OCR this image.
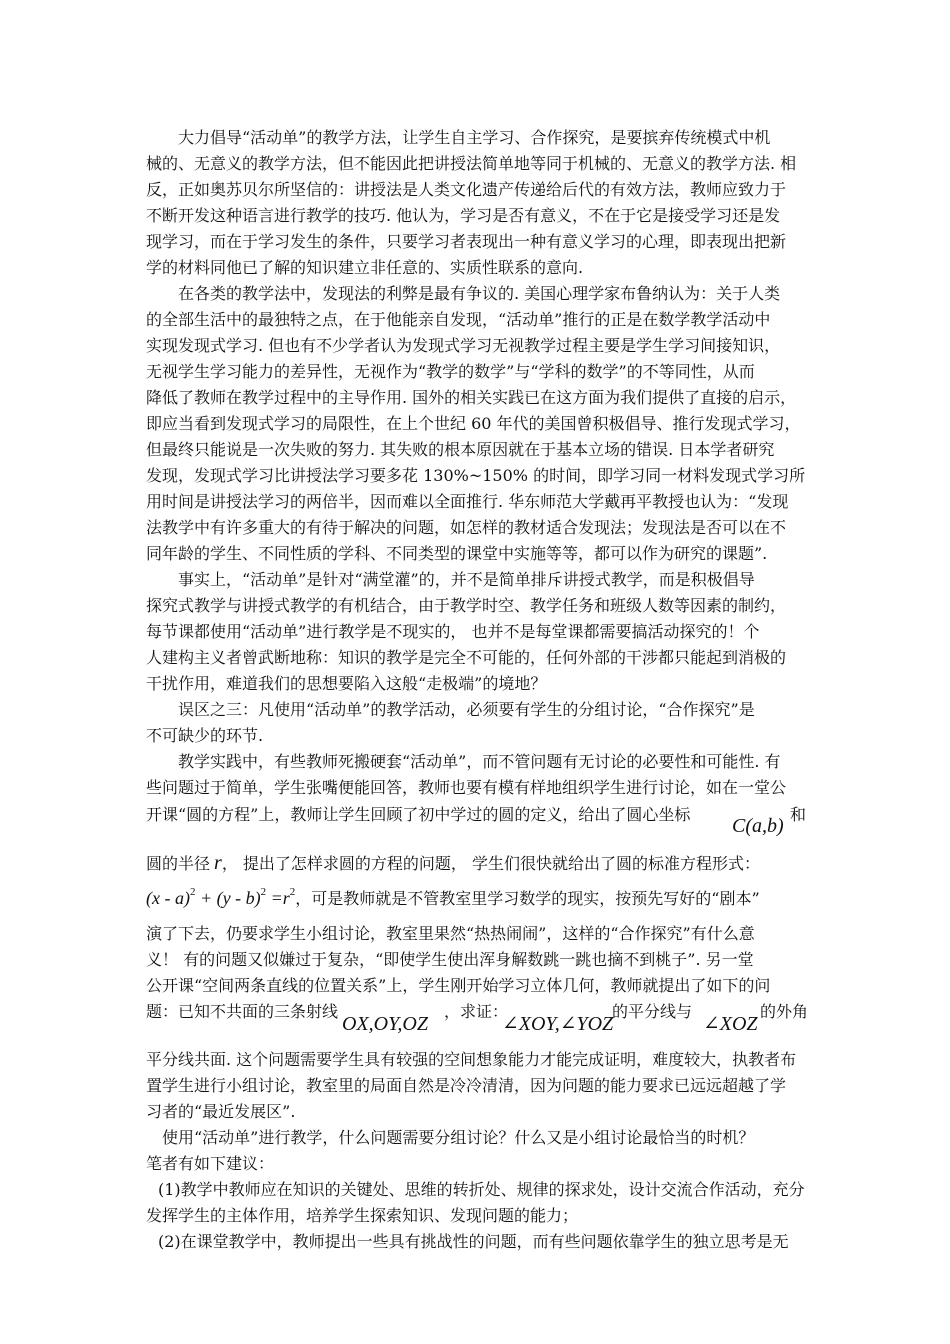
大力倡导“活动单”的教学方法，让学生自主学习、合作探究，是要摈弃传统模式中机
械的、无意义的教学方法，但不能因此把讲授法简单地等同于机械的、无意义的教学方法. 相
反，正如奥苏贝尔所坚信的：讲授法是人类文化遗产传递给后代的有效方法，教师应致力于
不断开发这种语言进行教学的技巧. 他认为，学习是否有意义，不在于它是接受学习还是发
现学习，而在于学习发生的条件，只要学习者表现出一种有意义学习的心理，即表现出把新
学的材料同他已了解的知识建立非任意的、实质性联系的意向.
在各类的教学法中，发现法的利弊是最有争议的. 美国心理学家布鲁纳认为：关于人类
的全部生活中的最独特之点，在于他能亲自发现，“活动单”推行的正是在数学教学活动中
实现发现式学习. 但也有不少学者认为发现式学习无视教学过程主要是学生学习间接知识，
无视学生学习能力的差异性，无视作为“教学的数学”与“学科的数学”的不等同性，从而
降低了教师在教学过程中的主导作用. 国外的相关实践已在这方面为我们提供了直接的启示，
即应当看到发现式学习的局限性，在上个世纪 60 年代的美国曾积极倡导、推行发现式学习，
但最终只能说是一次失败的努力. 其失败的根本原因就在于基本立场的错误. 日本学者研究
发现，发现式学习比讲授法学习要多花 130%~150% 的时间，即学习同一材料发现式学习所
用时间是讲授法学习的两倍半，因而难以全面推行. 华东师范大学戴再平教授也认为：“发现
法教学中有许多重大的有待于解决的问题，如怎样的教材适合发现法；发现法是否可以在不
同年龄的学生、不同性质的学科、不同类型的课堂中实施等等，都可以作为研究的课题”.
事实上，“活动单”是针对“满堂灌”的，并不是简单排斥讲授式教学，而是积极倡导
探究式教学与讲授式教学的有机结合，由于教学时空、教学任务和班级人数等因素的制约，
每节课都使用“活动单”进行教学是不现实的， 也并不是每堂课都需要搞活动探究的！个
人建构主义者曾武断地称：知识的教学是完全不可能的，任何外部的干涉都只能起到消极的
干扰作用，难道我们的思想要陷入这般“走极端”的境地？
误区之三：凡使用“活动单”的教学活动，必须要有学生的分组讨论，“合作探究”是
不可缺少的环节.
教学实践中，有些教师死搬硬套“活动单”，而不管问题有无讨论的必要性和可能性. 有
些问题过于简单，学生张嘴便能回答，教师也要有模有样地组织学生进行讨论，如在一堂公
开课“圆的方程”上，教师让学生回顾了初中学过的圆的定义，给出了圆心坐标
C(a,b)
和
圆的半径 r， 提出了怎样求圆的方程的问题， 学生们很快就给出了圆的标准方程形式：
$(x - a)^2 + (y - b)^2 =r^2$，可是教师就是不管教室里学习数学的现实，按预先写好的“剧本”
演了下去，仍要求学生小组讨论，教室里果然“热热闹闹”，这样的“合作探究”有什么意
义！ 有的问题又似嫌过于复杂，“即使学生使出浑身解数跳一跳也摘不到桃子”. 另一堂
公开课“空间两条直线的位置关系”上，学生刚开始学习立体几何，教师就提出了如下的问
题：已知不共面的三条射线
OX,OY,OZ
，求证：
∠XOY,∠YOZ
的平分线与
∠XOZ
的外角
平分线共面. 这个问题需要学生具有较强的空间想象能力才能完成证明，难度较大，执教者布
置学生进行小组讨论，教室里的局面自然是冷冷清清，因为问题的能力要求已远远超越了学
习者的“最近发展区”.
使用“活动单”进行教学，什么问题需要分组讨论？什么又是小组讨论最恰当的时机？
笔者有如下建议：
(1)教学中教师应在知识的关键处、思维的转折处、规律的探求处，设计交流合作活动，充分
发挥学生的主体作用，培养学生探索知识、发现问题的能力；
(2)在课堂教学中，教师提出一些具有挑战性的问题，而有些问题依靠学生的独立思考是无
